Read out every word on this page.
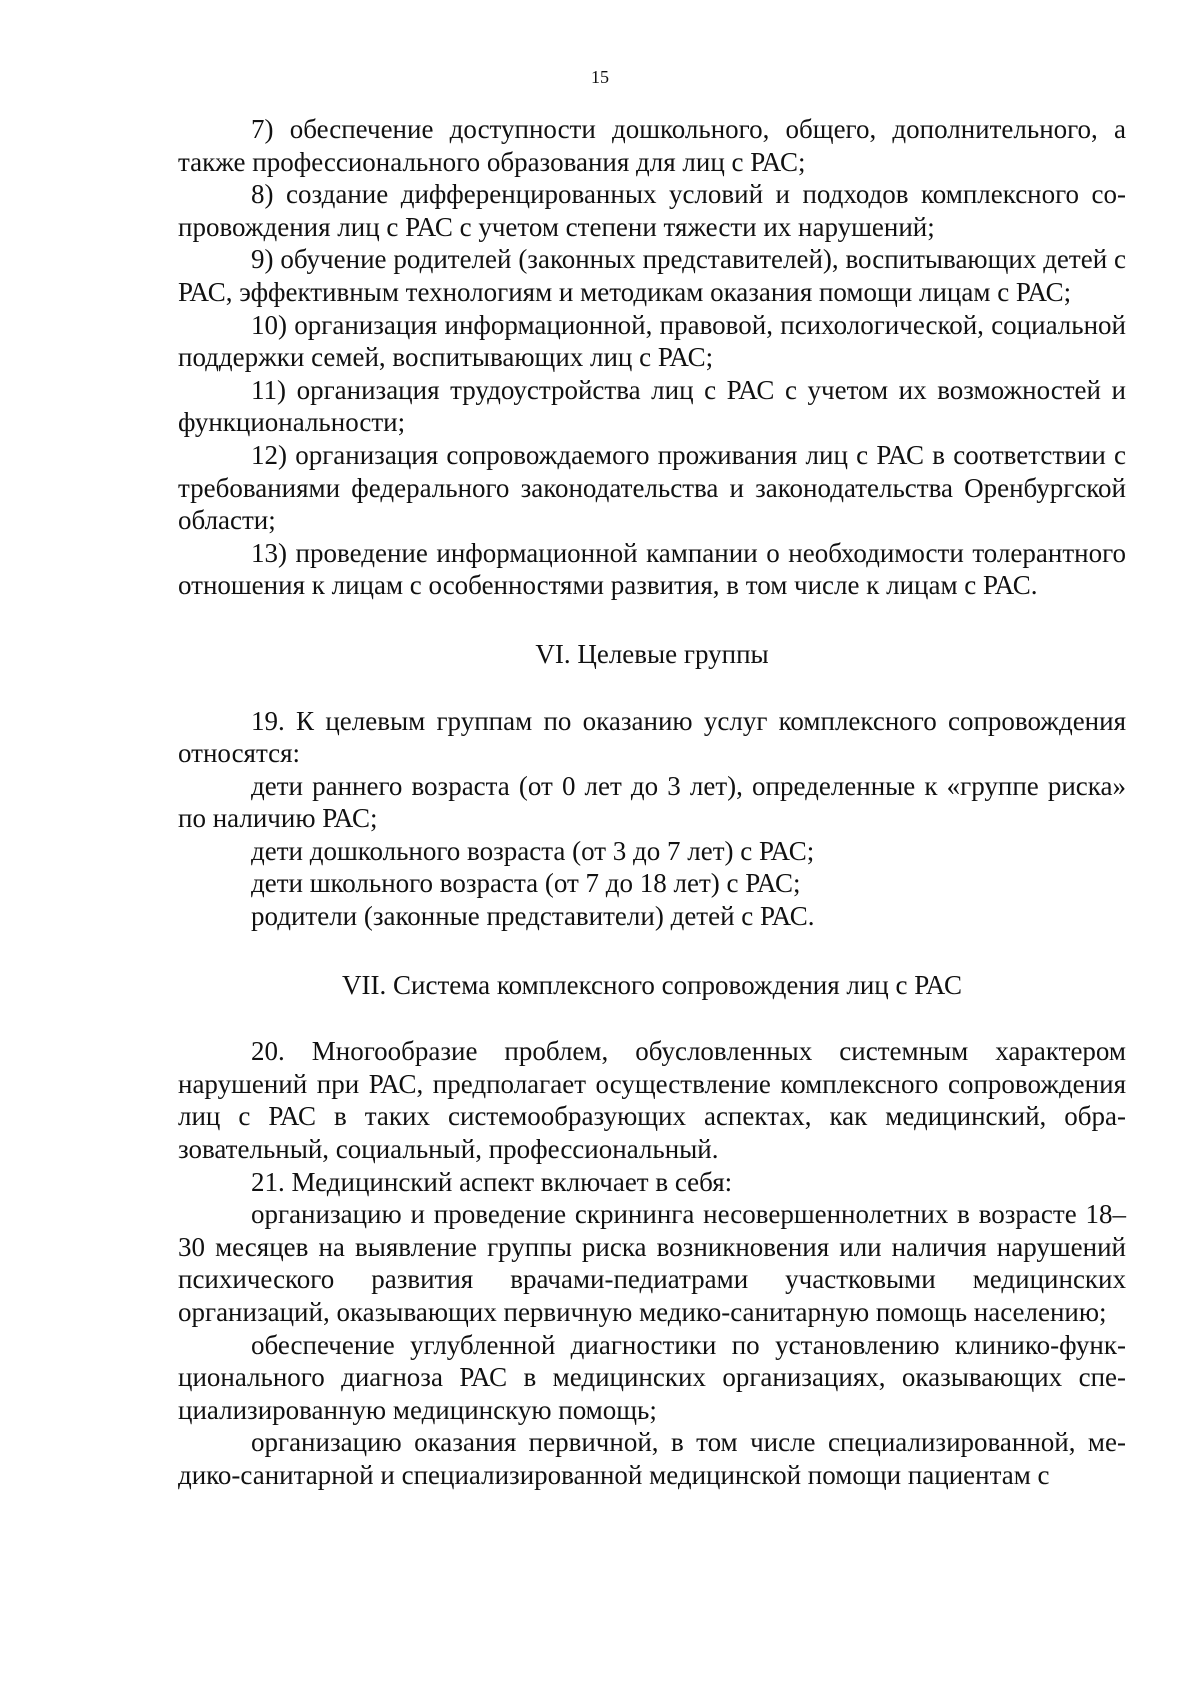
15

7) обеспечение доступности дошкольного, общего, дополнительного, а также профессионального образования для лиц с РАС;

8) создание дифференцированных условий и подходов комплексного сопровождения лиц с РАС с учетом степени тяжести их нарушений;

9) обучение родителей (законных представителей), воспитывающих детей с РАС, эффективным технологиям и методикам оказания помощи лицам с РАС;

10) организация информационной, правовой, психологической, социальной поддержки семей, воспитывающих лиц с РАС;

11) организация трудоустройства лиц с РАС с учетом их возможностей и функциональности;

12) организация сопровождаемого проживания лиц с РАС в соответствии с требованиями федерального законодательства и законодательства Оренбургской области;

13) проведение информационной кампании о необходимости толерантного отношения к лицам с особенностями развития, в том числе к лицам с РАС.

VI. Целевые группы

19. К целевым группам по оказанию услуг комплексного сопровождения относятся:

дети раннего возраста (от 0 лет до 3 лет), определенные к «группе риска» по наличию РАС;

дети дошкольного возраста (от 3 до 7 лет) с РАС;

дети школьного возраста (от 7 до 18 лет) с РАС;

родители (законные представители) детей с РАС.

VII. Система комплексного сопровождения лиц с РАС

20. Многообразие проблем, обусловленных системным характером нарушений при РАС, предполагает осуществление комплексного сопровождения лиц с РАС в таких системообразующих аспектах, как медицинский, образовательный, социальный, профессиональный.

21. Медицинский аспект включает в себя:

организацию и проведение скрининга несовершеннолетних в возрасте 18–30 месяцев на выявление группы риска возникновения или наличия нарушений психического развития врачами-педиатрами участковыми медицинских организаций, оказывающих первичную медико-санитарную помощь населению;

обеспечение углубленной диагностики по установлению клинико-функционального диагноза РАС в медицинских организациях, оказывающих специализированную медицинскую помощь;

организацию оказания первичной, в том числе специализированной, медико-санитарной и специализированной медицинской помощи пациентам с
